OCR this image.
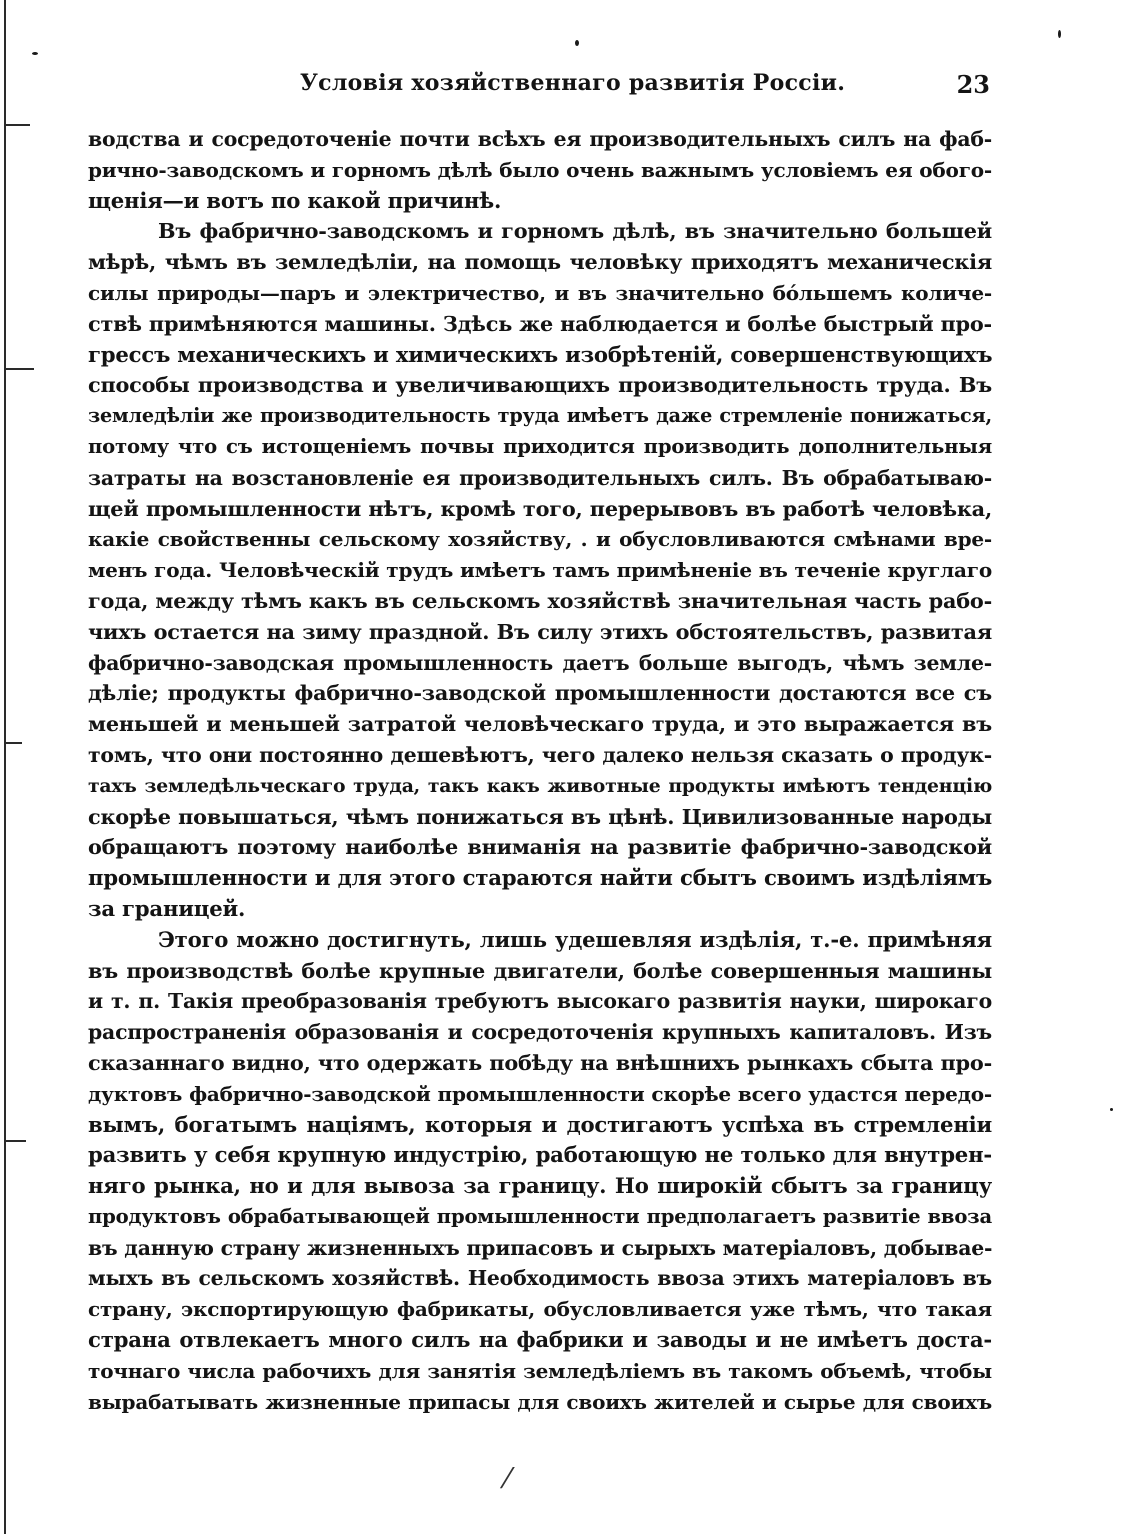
Условія хозяйственнаго развитія Россіи.	23
водства и сосредоточеніе почти всѣхъ ея производительныхъ силъ на фаб-
рично-заводскомъ и горномъ дѣлѣ было очень важнымъ условіемъ ея обого-
щенія—и вотъ по какой причинѣ.
Въ фабрично-заводскомъ и горномъ дѣлѣ, въ значительно большей
мѣрѣ, чѣмъ въ земледѣліи, на помощь человѣку приходятъ механическія
силы природы—паръ и электричество, и въ значительно бóльшемъ количе-
ствѣ примѣняются машины. Здѣсь же наблюдается и болѣе быстрый про-
грессъ механическихъ и химическихъ изобрѣтеній, совершенствующихъ
способы производства и увеличивающихъ производительность труда. Въ
земледѣліи же производительность труда имѣетъ даже стремленіе понижаться,
потому что съ истощеніемъ почвы приходится производить дополнительныя
затраты на возстановленіе ея производительныхъ силъ. Въ обрабатываю-
щей промышленности нѣтъ, кромѣ того, перерывовъ въ работѣ человѣка,
какіе свойственны сельскому хозяйству, . и обусловливаются смѣнами вре-
менъ года. Человѣческій трудъ имѣетъ тамъ примѣненіе въ теченіе круглаго
года, между тѣмъ какъ въ сельскомъ хозяйствѣ значительная часть рабо-
чихъ остается на зиму праздной. Въ силу этихъ обстоятельствъ, развитая
фабрично-заводская промышленность даетъ больше выгодъ, чѣмъ земле-
дѣліе; продукты фабрично-заводской промышленности достаются все съ
меньшей и меньшей затратой человѣческаго труда, и это выражается въ
томъ, что они постоянно дешевѣютъ, чего далеко нельзя сказать о продук-
тахъ земледѣльческаго труда, такъ какъ животные продукты имѣютъ тенденцію
скорѣе повышаться, чѣмъ понижаться въ цѣнѣ. Цивилизованные народы
обращаютъ поэтому наиболѣе вниманія на развитіе фабрично-заводской
промышленности и для этого стараются найти сбытъ своимъ издѣліямъ
за границей.
Этого можно достигнуть, лишь удешевляя издѣлія, т.-е. примѣняя
въ производствѣ болѣе крупные двигатели, болѣе совершенныя машины
и т. п. Такія преобразованія требуютъ высокаго развитія науки, широкаго
распространенія образованія и сосредоточенія крупныхъ капиталовъ. Изъ
сказаннаго видно, что одержать побѣду на внѣшнихъ рынкахъ сбыта про-
дуктовъ фабрично-заводской промышленности скорѣе всего удастся передо-
вымъ, богатымъ націямъ, которыя и достигаютъ успѣха въ стремленіи
развить у себя крупную индустрію, работающую не только для внутрен-
няго рынка, но и для вывоза за границу. Но широкій сбытъ за границу
продуктовъ обрабатывающей промышленности предполагаетъ развитіе ввоза
въ данную страну жизненныхъ припасовъ и сырыхъ матеріаловъ, добывае-
мыхъ въ сельскомъ хозяйствѣ. Необходимость ввоза этихъ матеріаловъ въ
страну, экспортирующую фабрикаты, обусловливается уже тѣмъ, что такая
страна отвлекаетъ много силъ на фабрики и заводы и не имѣетъ доста-
точнаго числа рабочихъ для занятія земледѣліемъ въ такомъ объемѣ, чтобы
вырабатывать жизненные припасы для своихъ жителей и сырье для своихъ
⁄
